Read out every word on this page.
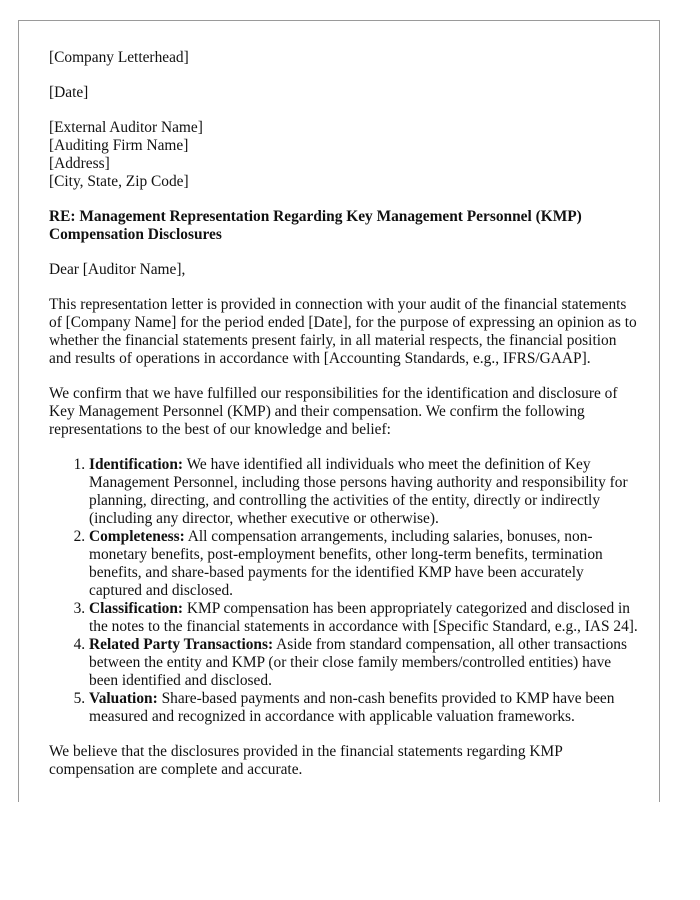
[Company Letterhead]

[Date]

[External Auditor Name]
[Auditing Firm Name]
[Address]
[City, State, Zip Code]

RE: Management Representation Regarding Key Management Personnel (KMP) Compensation Disclosures

Dear [Auditor Name],

This representation letter is provided in connection with your audit of the financial statements of [Company Name] for the period ended [Date], for the purpose of expressing an opinion as to whether the financial statements present fairly, in all material respects, the financial position and results of operations in accordance with [Accounting Standards, e.g., IFRS/GAAP].

We confirm that we have fulfilled our responsibilities for the identification and disclosure of Key Management Personnel (KMP) and their compensation. We confirm the following representations to the best of our knowledge and belief:

1. Identification: We have identified all individuals who meet the definition of Key Management Personnel, including those persons having authority and responsibility for planning, directing, and controlling the activities of the entity, directly or indirectly (including any director, whether executive or otherwise).
2. Completeness: All compensation arrangements, including salaries, bonuses, non-monetary benefits, post-employment benefits, other long-term benefits, termination benefits, and share-based payments for the identified KMP have been accurately captured and disclosed.
3. Classification: KMP compensation has been appropriately categorized and disclosed in the notes to the financial statements in accordance with [Specific Standard, e.g., IAS 24].
4. Related Party Transactions: Aside from standard compensation, all other transactions between the entity and KMP (or their close family members/controlled entities) have been identified and disclosed.
5. Valuation: Share-based payments and non-cash benefits provided to KMP have been measured and recognized in accordance with applicable valuation frameworks.

We believe that the disclosures provided in the financial statements regarding KMP compensation are complete and accurate.
